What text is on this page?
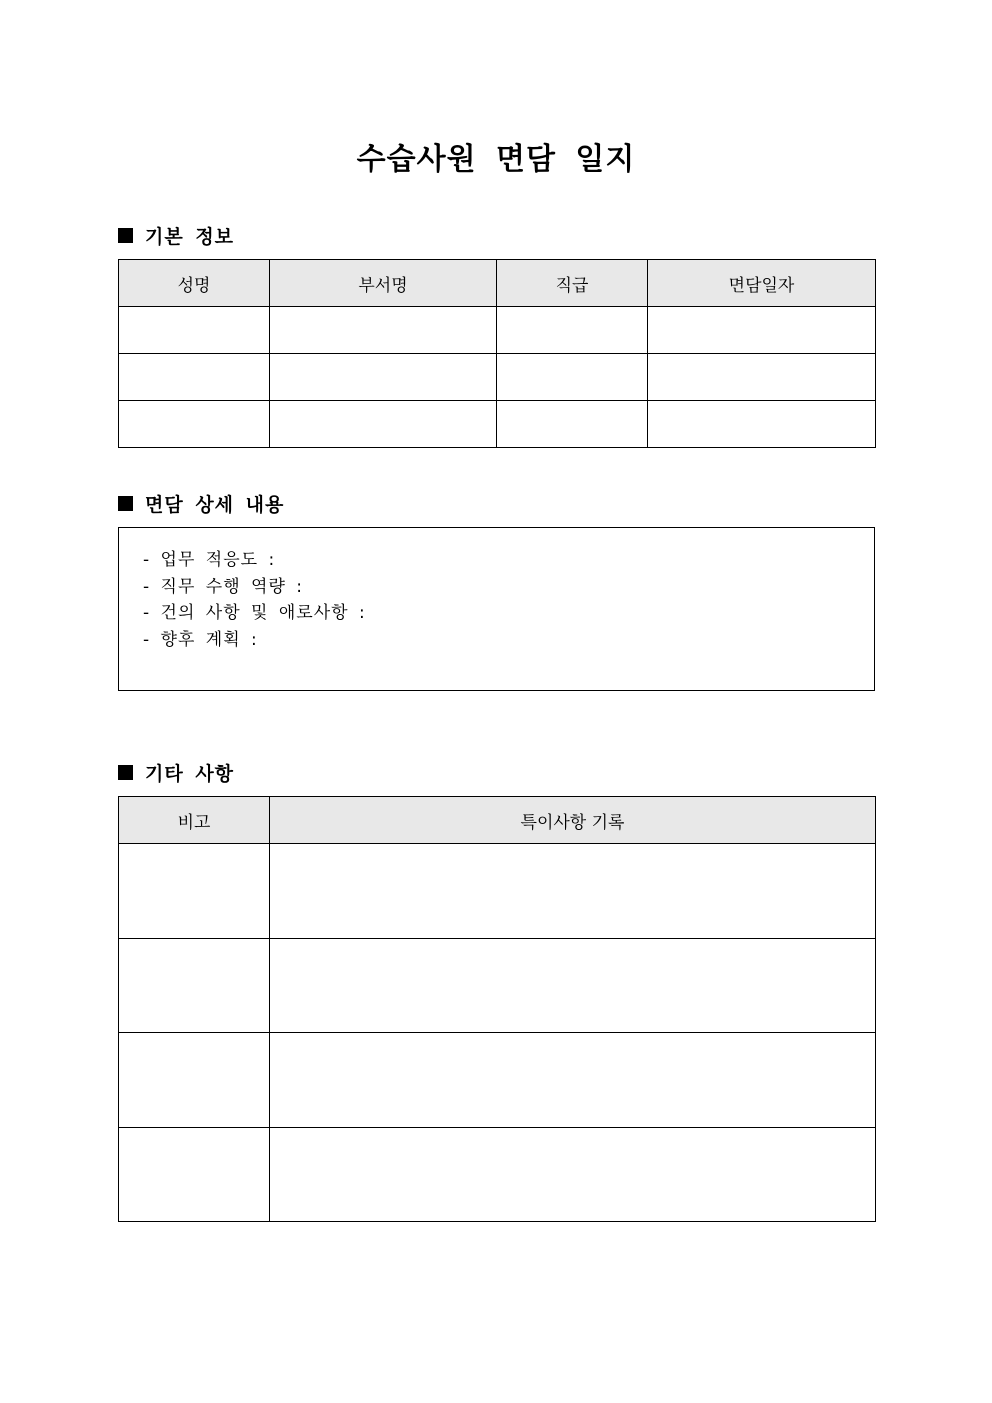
수습사원 면담 일지
기본 정보
성명	부서명	직급	면담일자

면담 상세 내용
- 업무 적응도 :
- 직무 수행 역량 :
- 건의 사항 및 애로사항 :
- 향후 계획 :
기타 사항
비고	특이사항 기록
